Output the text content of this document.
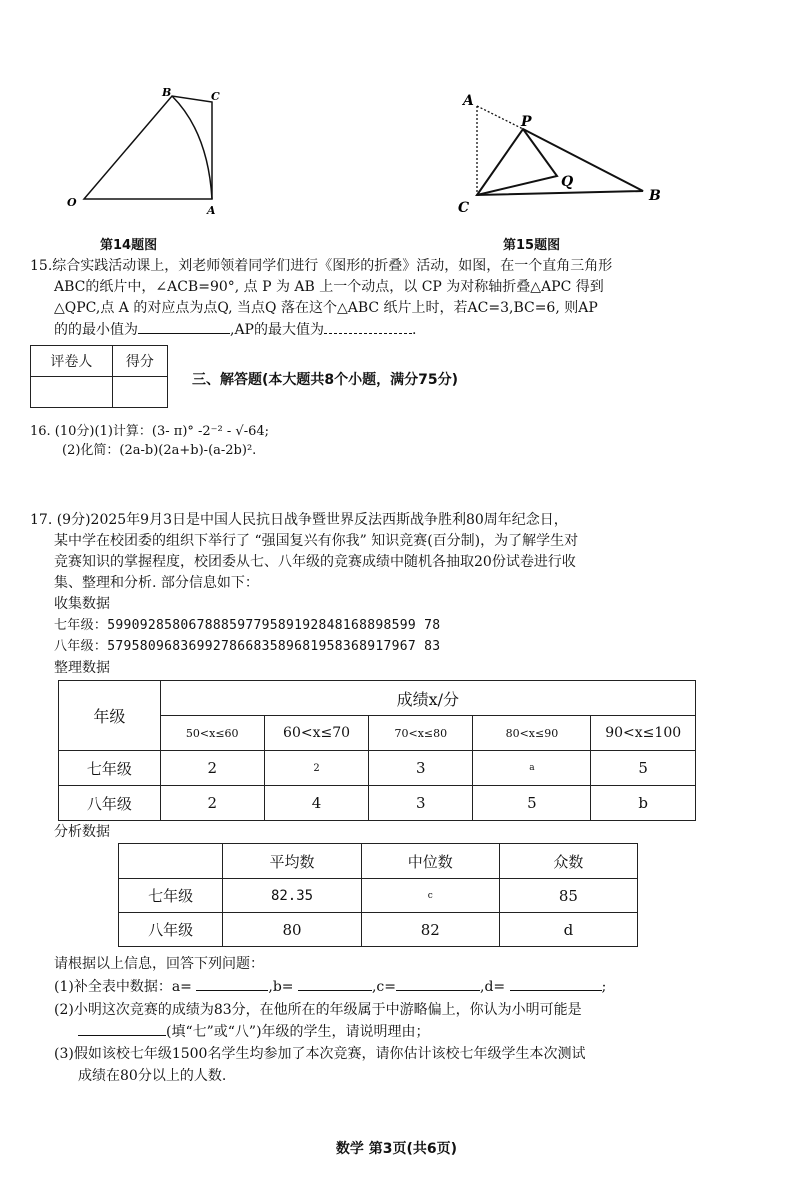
B	C
O
A
第14题图
A
P
Q
C
B
第15题图
15.综合实践活动课上，刘老师领着同学们进行《图形的折叠》活动，如图，在一个直角三角形
ABC的纸片中，∠ACB=90°, 点 P 为 AB 上一个动点，以 CP 为对称轴折叠△APC 得到
△QPC,点 A 的对应点为点Q, 当点Q 落在这个△ABC 纸片上时，若AC=3,BC=6, 则AP
的的最小值为	,AP的最大值为	.
评卷人	得分

三、解答题(本大题共8个小题，满分75分)
16. (10分)(1)计算：(3- π)° -2⁻² - √-64;
(2)化简：(2a-b)(2a+b)-(a-2b)².
17. (9分)2025年9月3日是中国人民抗日战争暨世界反法西斯战争胜利80周年纪念日，
某中学在校团委的组织下举行了 “强国复兴有你我” 知识竞赛(百分制)，为了解学生对
竞赛知识的掌握程度，校团委从七、八年级的竞赛成绩中随机各抽取20份试卷进行收
集、整理和分析. 部分信息如下：
收集数据
七年级：59909285806788859779589192848168898599 78
八年级：57958096836992786683589681958368917967 83
整理数据
年级	成绩x/分				
	50<x≤60	60<x≤70	70<x≤80	80<x≤90	90<x≤100
七年级	2	2	3	a	5
八年级	2	4	3	5	b
分析数据
	平均数	中位数	众数
七年级	82.35	c	85
八年级	80	82	d
请根据以上信息，回答下列问题：
(1)补全表中数据：a=	,b=	,c=	,d=	;
(2)小明这次竞赛的成绩为83分，在他所在的年级属于中游略偏上，你认为小明可能是
(填“七”或“八”)年级的学生，请说明理由；
(3)假如该校七年级1500名学生均参加了本次竞赛，请你估计该校七年级学生本次测试
成绩在80分以上的人数.
数学 第3页(共6页)
